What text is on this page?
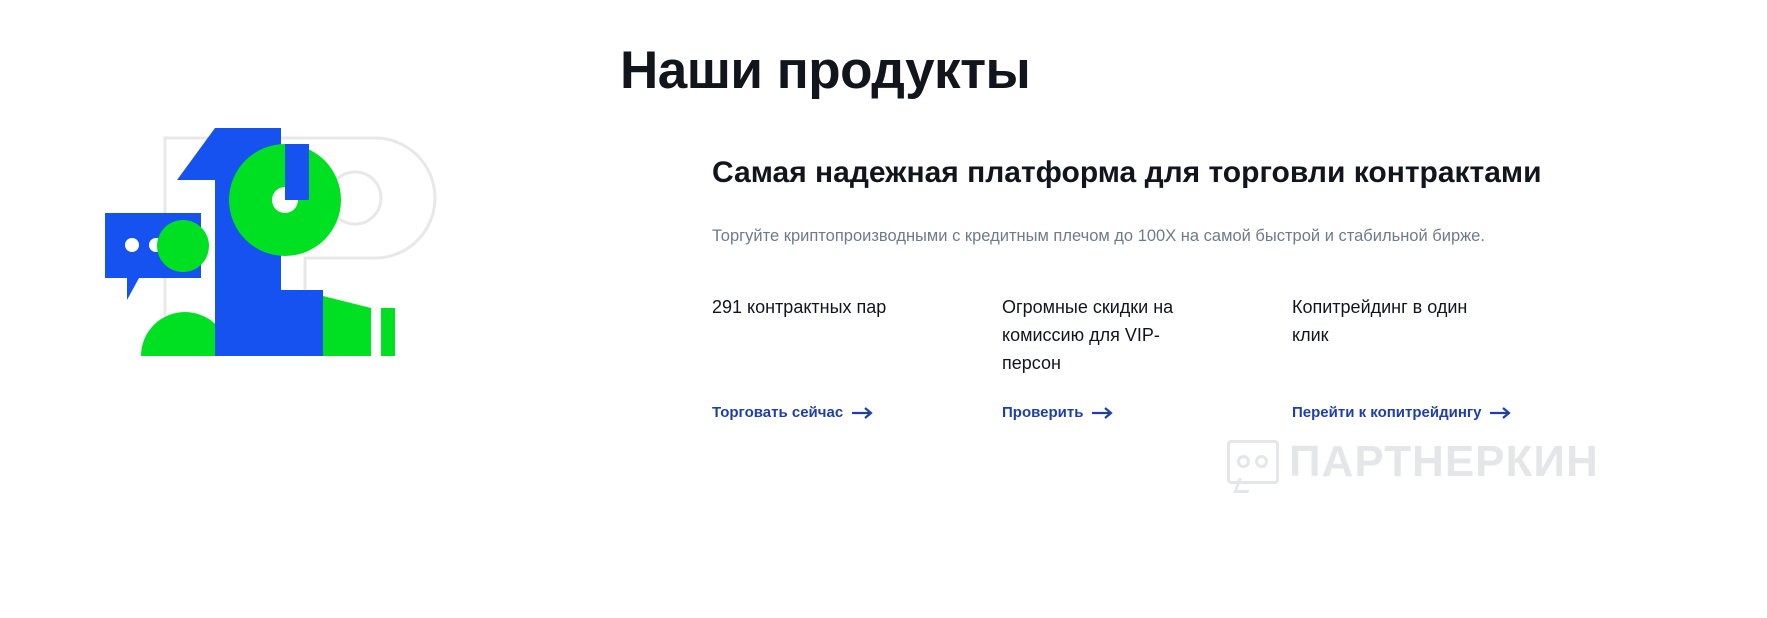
Наши продукты
Самая надежная платформа для торговли контрактами

Торгуйте криптопроизводными с кредитным плечом до 100X на самой быстрой и стабильной бирже.

291 контрактных пар
Торговать сейчас
Огромные скидки на комиссию для VIP-персон
Проверить
Копитрейдинг в один клик
Перейти к копитрейдингу
ПАРТНЕРКИН
